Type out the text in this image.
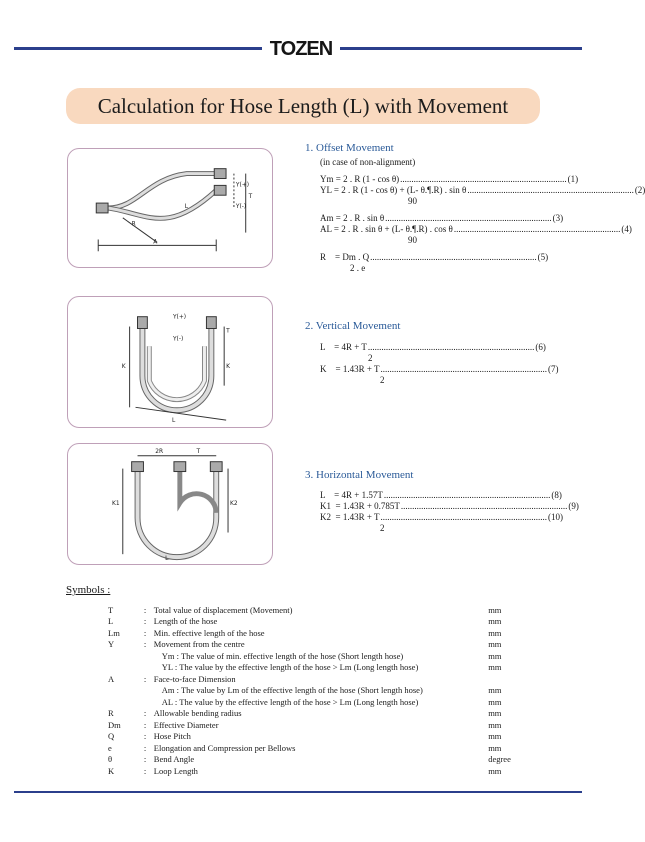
TOZEN
Calculation for Hose Length (L) with Movement
Y(+)
Y(-)
T
R
A
L
Y(+)
Y(-)
T
K	K
L
2R	T
K1	K2
L
1. Offset Movement
(in case of non-alignment)
Ym = 2 . R (1 - cos θ) .......................................................................... (1)
YL = 2 . R (1 - cos θ) + (L- θ.¶.R) . sin θ .......................................................................... (2)
90
Am = 2 . R . sin θ .......................................................................... (3)
AL = 2 . R . sin θ + (L- θ.¶.R) . cos θ .......................................................................... (4)
90
R    = Dm . Q .......................................................................... (5)
2 . e
2. Vertical Movement
L    = 4R + T .......................................................................... (6)
2
K    = 1.43R + T .......................................................................... (7)
2
3. Horizontal Movement
L    = 4R + 1.57T .......................................................................... (8)
K1  = 1.43R + 0.785T .......................................................................... (9)
K2  = 1.43R + T .......................................................................... (10)
2
Symbols :
T	: Total value of displacement (Movement)	mm
L	: Length of the hose	mm
Lm	: Min. effective length of the hose	mm
Y	: Movement from the centre	mm
Ym : The value of min. effective length of the hose (Short length hose)	mm
YL : The value by the effective length of the hose > Lm (Long length hose)	mm
A	: Face-to-face Dimension
Am : The value by Lm of the effective length of the hose (Short length hose)	mm
AL : The value by the effective length of the hose > Lm (Long length hose)	mm
R	: Allowable bending radius	mm
Dm	: Effective Diameter	mm
Q	: Hose Pitch	mm
e	: Elongation and Compression per Bellows	mm
θ	: Bend Angle	degree
K	: Loop Length	mm
